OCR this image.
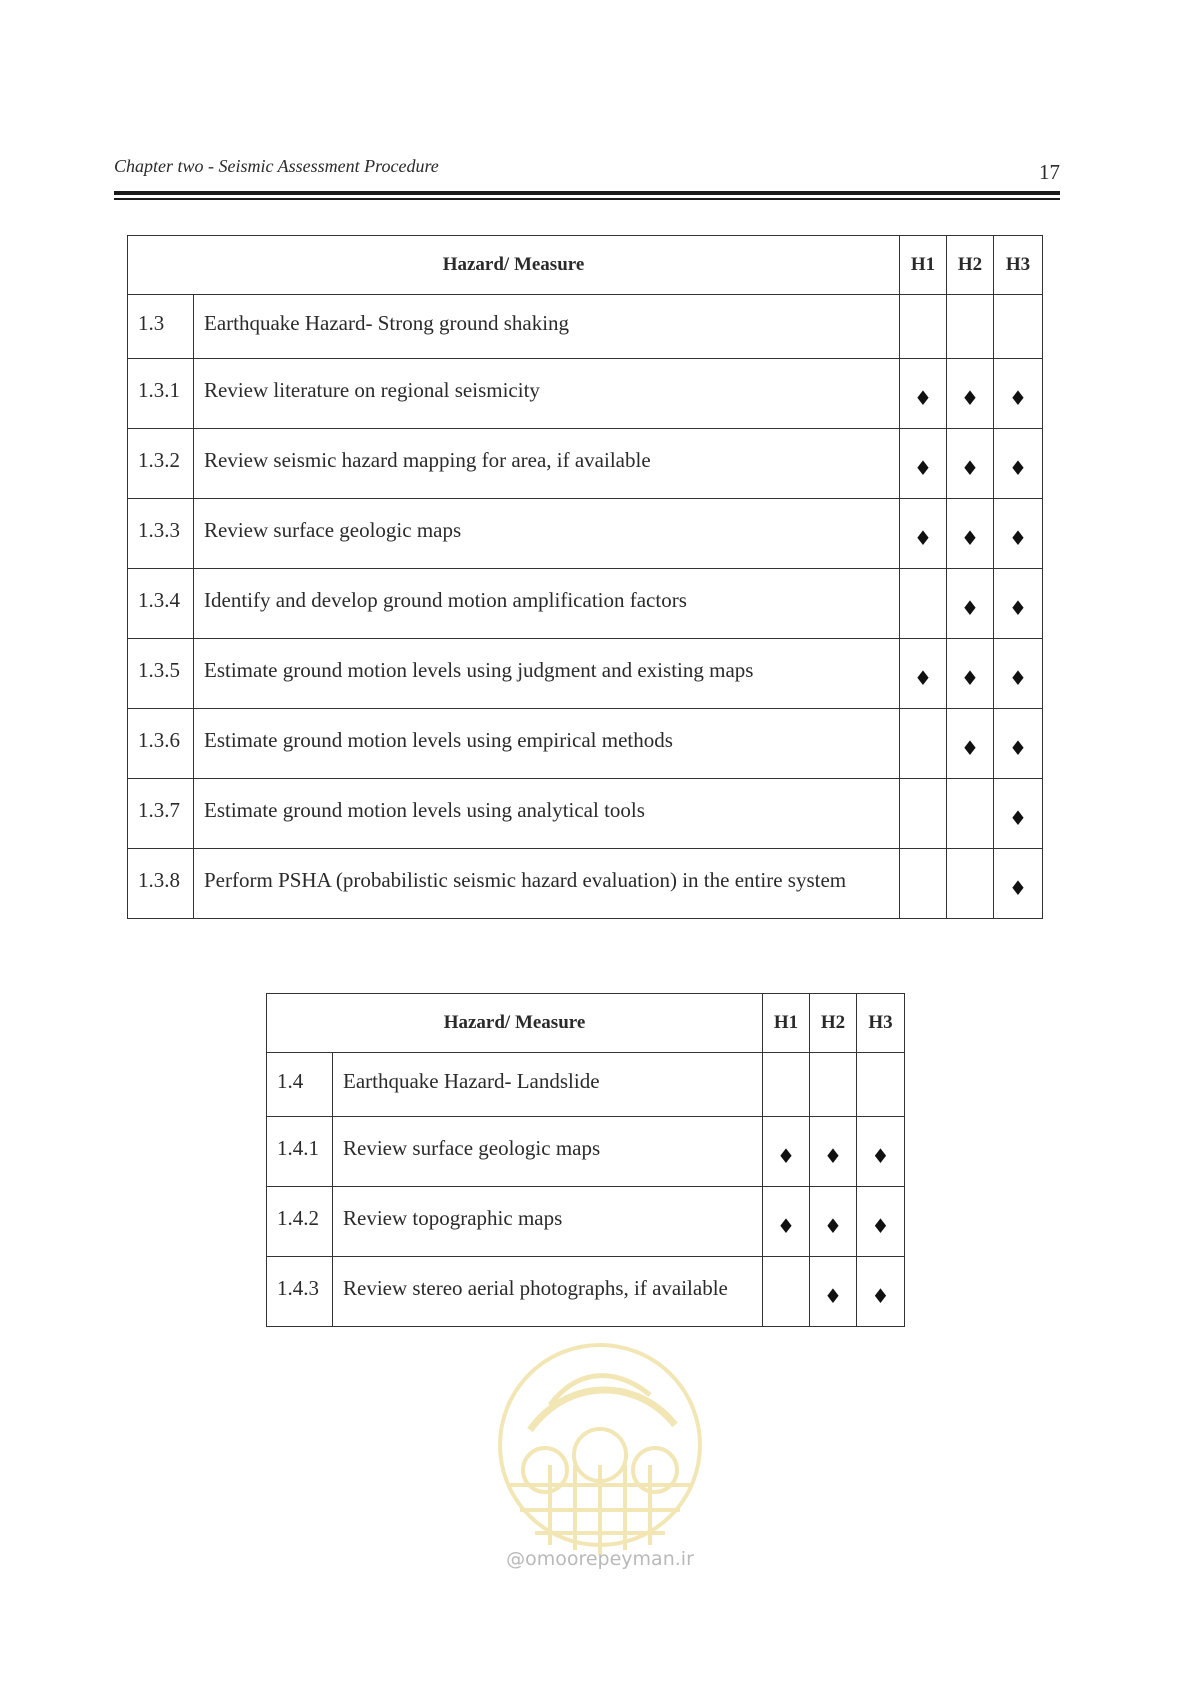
Chapter two - Seismic Assessment Procedure	17
Hazard/ Measure		H1	H2	H3
1.3	Earthquake Hazard- Strong ground shaking			
1.3.1	Review literature on regional seismicity	♦	♦	♦
1.3.2	Review seismic hazard mapping for area, if available	♦	♦	♦
1.3.3	Review surface geologic maps	♦	♦	♦
1.3.4	Identify and develop ground motion amplification factors		♦	♦
1.3.5	Estimate ground motion levels using judgment and existing maps	♦	♦	♦
1.3.6	Estimate ground motion levels using empirical methods		♦	♦
1.3.7	Estimate ground motion levels using analytical tools			♦
1.3.8	Perform PSHA (probabilistic seismic hazard evaluation) in the entire system			♦
Hazard/ Measure		H1	H2	H3
1.4	Earthquake Hazard- Landslide			
1.4.1	Review surface geologic maps	♦	♦	♦
1.4.2	Review topographic maps	♦	♦	♦
1.4.3	Review stereo aerial photographs, if available		♦	♦
@omoorepeyman.ir
